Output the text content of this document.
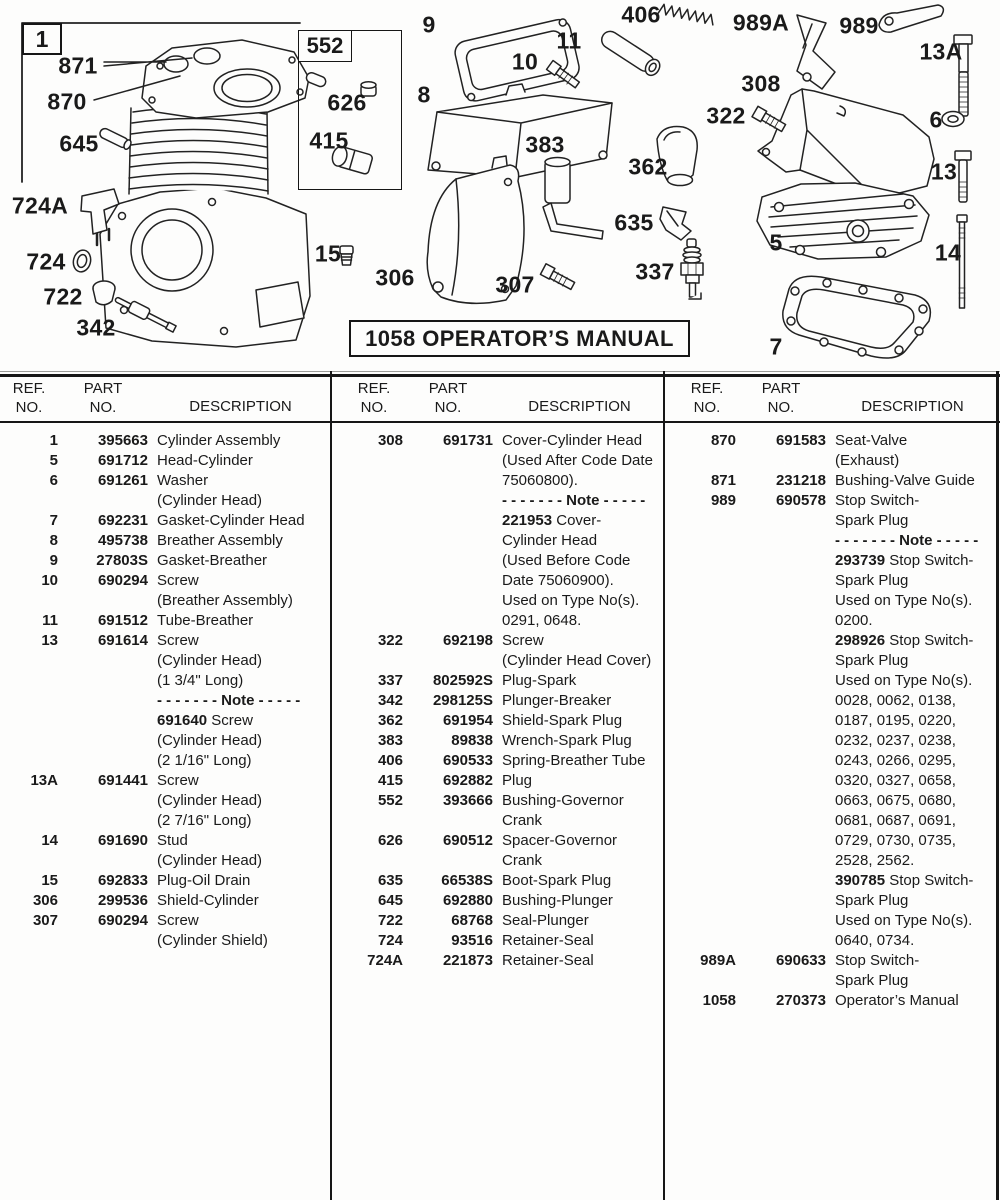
552
1
1058 OPERATOR’S MANUAL
871
870
645
724A
724
722
342
626
415
15
306	307
9
10
8
11
406
383
362
635
337
989A 989
13A
308
322	6
13
5	14
7
REF.
NO.
PART
NO.	DESCRIPTION
REF.
NO.
PART
NO.	DESCRIPTION
REF.
NO.
PART
NO.	DESCRIPTION
1	395663 Cylinder Assembly
5	691712 Head-Cylinder
6	691261 Washer
(Cylinder Head)
7	692231 Gasket-Cylinder Head
8	495738 Breather Assembly
9	27803S Gasket-Breather
10	690294 Screw
(Breather Assembly)
11	691512 Tube-Breather
13	691614 Screw
(Cylinder Head)
(1 3/4" Long)
- - - - - - - Note - - - - -
691640 Screw
(Cylinder Head)
(2 1/16" Long)
13A	691441 Screw
(Cylinder Head)
(2 7/16" Long)
14	691690 Stud
(Cylinder Head)
15	692833 Plug-Oil Drain
306	299536 Shield-Cylinder
307	690294 Screw
(Cylinder Shield)
308	691731 Cover-Cylinder Head
(Used After Code Date
75060800).
- - - - - - - Note - - - - -
221953 Cover-
Cylinder Head
(Used Before Code
Date 75060900).
Used on Type No(s).
0291, 0648.
322	692198 Screw
(Cylinder Head Cover)
337	802592S Plug-Spark
342	298125S Plunger-Breaker
362	691954 Shield-Spark Plug
383	89838 Wrench-Spark Plug
406	690533 Spring-Breather Tube
415	692882 Plug
552	393666 Bushing-Governor
Crank
626	690512 Spacer-Governor
Crank
635	66538S Boot-Spark Plug
645	692880 Bushing-Plunger
722	68768 Seal-Plunger
724	93516 Retainer-Seal
724A	221873 Retainer-Seal
870	691583 Seat-Valve
(Exhaust)
871	231218 Bushing-Valve Guide
989	690578 Stop Switch-
Spark Plug
- - - - - - - Note - - - - -
293739 Stop Switch-
Spark Plug
Used on Type No(s).
0200.
298926 Stop Switch-
Spark Plug
Used on Type No(s).
0028, 0062, 0138,
0187, 0195, 0220,
0232, 0237, 0238,
0243, 0266, 0295,
0320, 0327, 0658,
0663, 0675, 0680,
0681, 0687, 0691,
0729, 0730, 0735,
2528, 2562.
390785 Stop Switch-
Spark Plug
Used on Type No(s).
0640, 0734.
989A	690633 Stop Switch-
Spark Plug
1058	270373 Operator’s Manual
